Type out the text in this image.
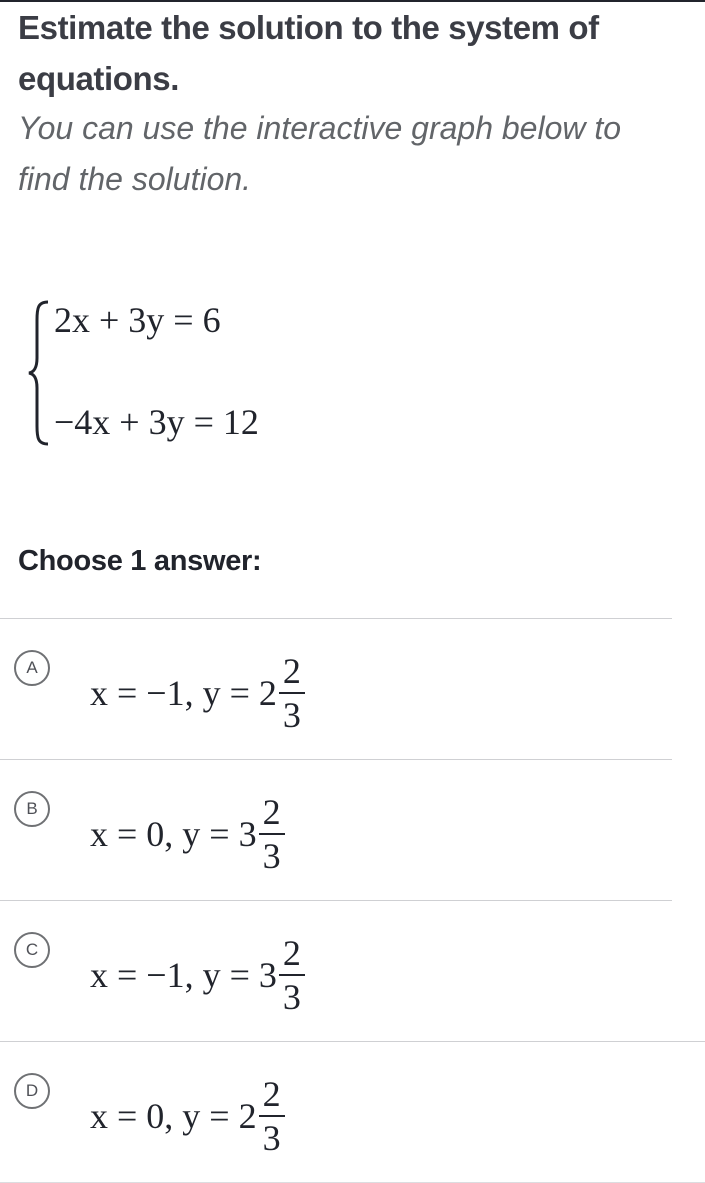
Estimate the solution to the system of equations.
You can use the interactive graph below to find the solution.
2x + 3y = 6
−4x + 3y = 12
Choose 1 answer:
A
x = −1, $y = 2 \frac{2}{3}$
B
x = 0, $y = 3 \frac{2}{3}$
C
x = −1, $y = 3 \frac{2}{3}$
D
x = 0, $y = 2 \frac{2}{3}$
